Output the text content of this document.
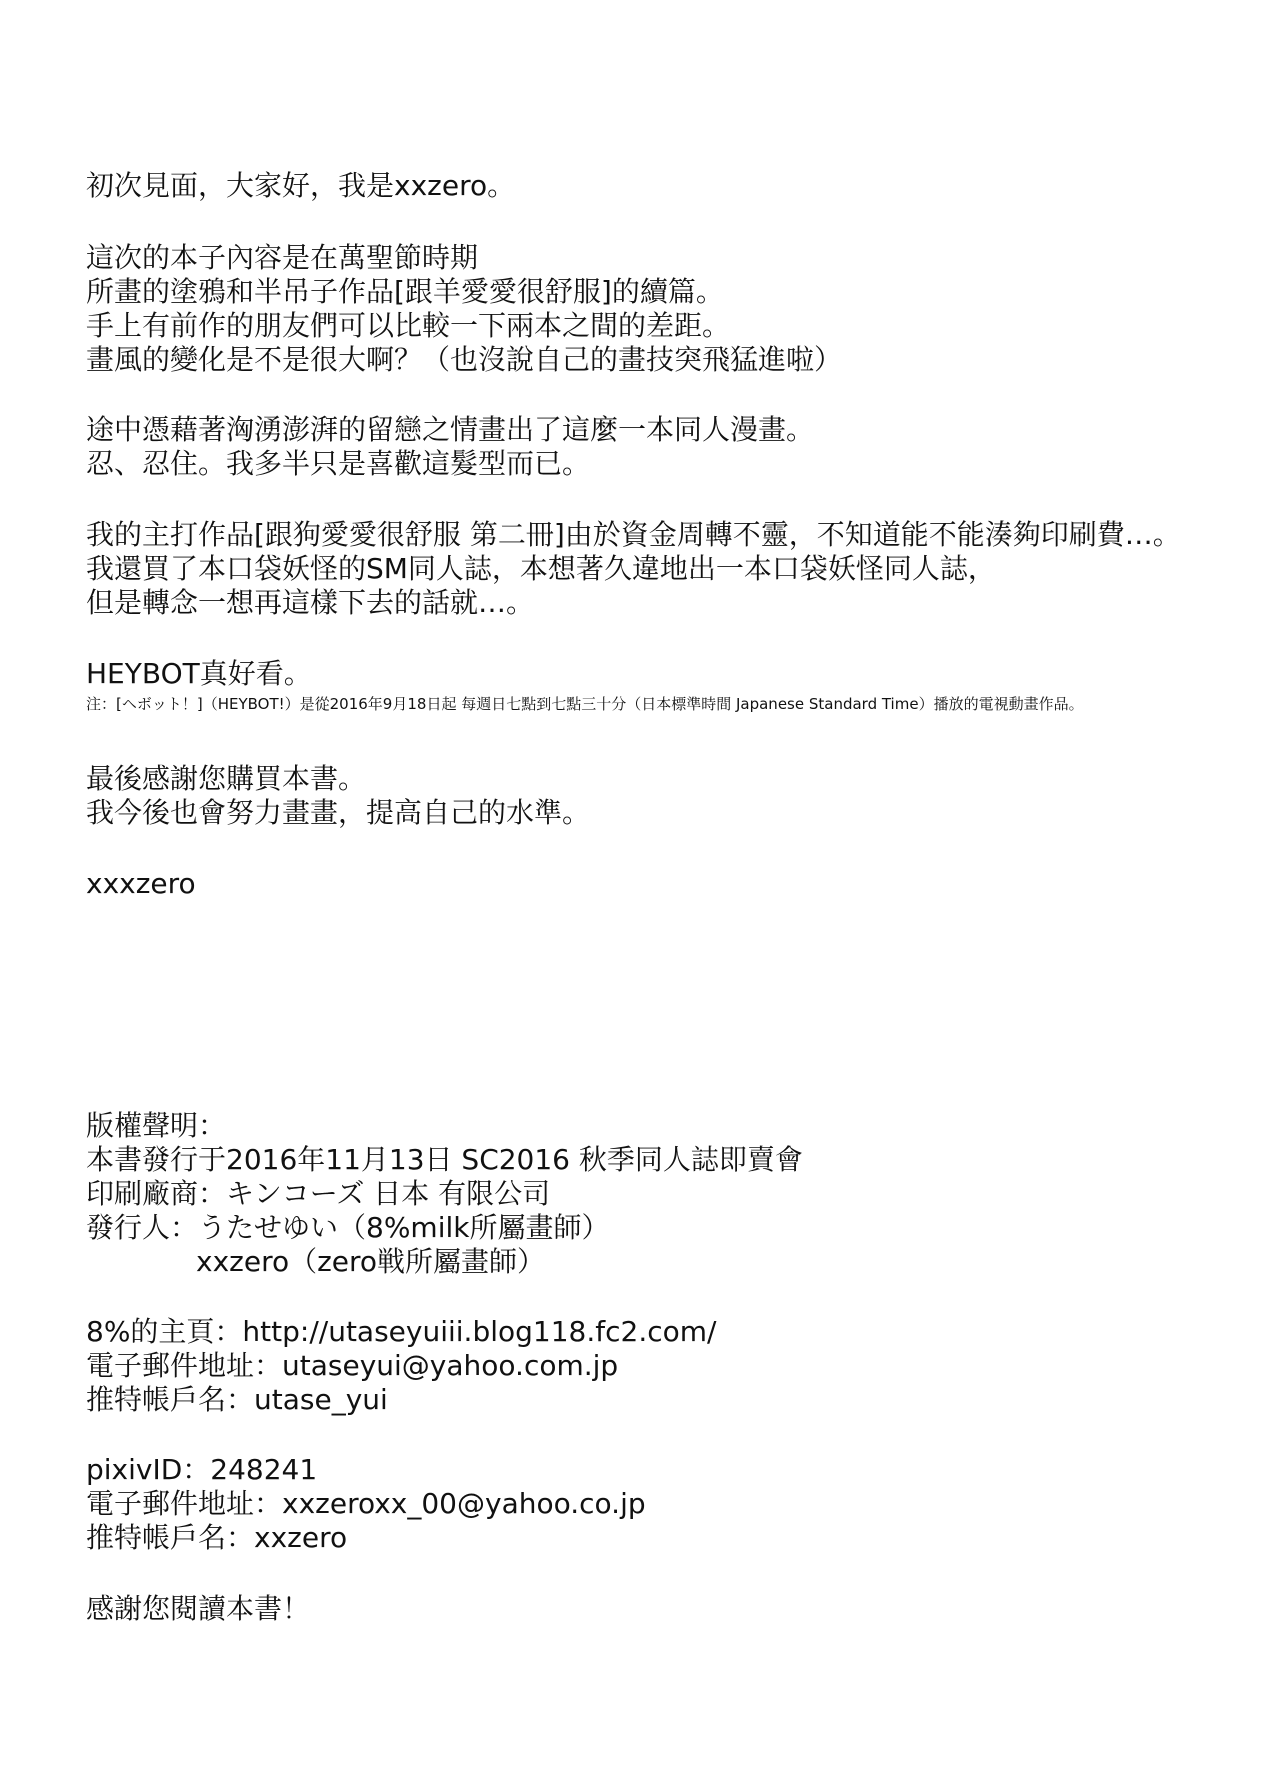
初次見面，大家好，我是xxzero。

這次的本子內容是在萬聖節時期

所畫的塗鴉和半吊子作品[跟羊愛愛很舒服]的續篇。

手上有前作的朋友們可以比較一下兩本之間的差距。

畫風的變化是不是很大啊？（也沒說自己的畫技突飛猛進啦）

途中憑藉著洶湧澎湃的留戀之情畫出了這麼一本同人漫畫。

忍、忍住。我多半只是喜歡這髮型而已。

我的主打作品[跟狗愛愛很舒服 第二冊]由於資金周轉不靈，不知道能不能湊夠印刷費…。

我還買了本口袋妖怪的SM同人誌，本想著久違地出一本口袋妖怪同人誌，

但是轉念一想再這樣下去的話就…。

HEYBOT真好看。

注：[ヘボット！]（HEYBOT!）是從2016年9月18日起 每週日七點到七點三十分（日本標準時間 Japanese Standard Time）播放的電視動畫作品。

最後感謝您購買本書。

我今後也會努力畫畫，提高自己的水準。

xxxzero

版權聲明：

本書發行于2016年11月13日 SC2016 秋季同人誌即賣會

印刷廠商：キンコーズ 日本 有限公司

發行人：うたせゆい（8%milk所屬畫師）

xxzero（zero戦所屬畫師）

8%的主頁：http://utaseyuiii.blog118.fc2.com/

電子郵件地址：utaseyui@yahoo.com.jp

推特帳戶名：utase_yui

pixivID：248241

電子郵件地址：xxzeroxx_00@yahoo.co.jp

推特帳戶名：xxzero

感謝您閱讀本書！
